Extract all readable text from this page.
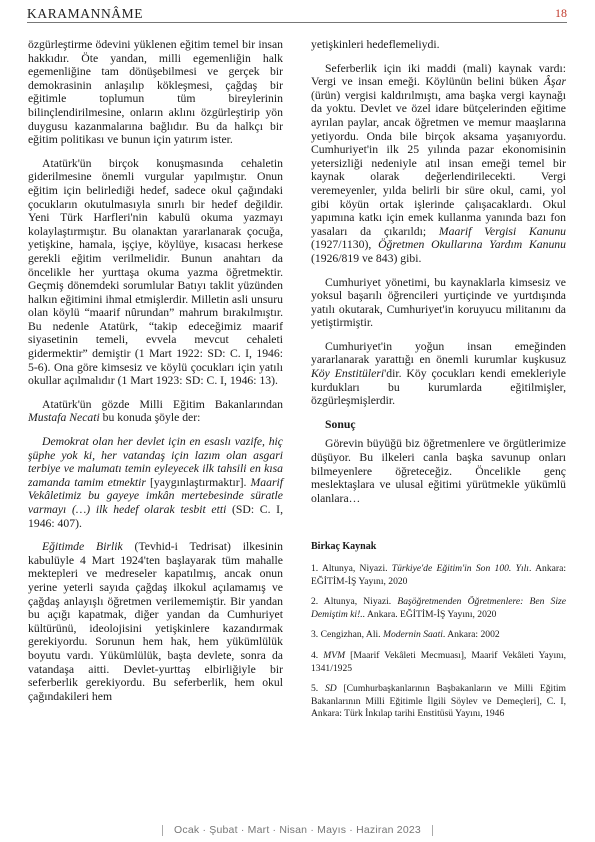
KARAMANNÂME	18

özgürleştirme ödevini yüklenen eğitim temel bir insan hakkıdır. Öte yandan, milli egemenliğin halk egemenliğine tam dönüşebilmesi ve gerçek bir demokrasinin anlaşılıp kökleşmesi, çağdaş bir eğitimle toplumun tüm bireylerinin bilinçlendirilmesine, onların aklını özgürleştirip yön duygusu kazanmalarına bağlıdır. Bu da halkçı bir eğitim politikası ve bunun için yatırım ister.

Atatürk'ün birçok konuşmasında cehaletin giderilmesine önemli vurgular yapılmıştır. Onun eğitim için belirlediği hedef, sadece okul çağındaki çocukların okutulmasıyla sınırlı bir hedef değildir. Yeni Türk Harfleri'nin kabulü okuma yazmayı kolaylaştırmıştır. Bu olanaktan yararlanarak çocuğa, yetişkine, hamala, işçiye, köylüye, kısacası herkese gerekli eğitim verilmelidir. Bunun anahtarı da öncelikle her yurttaşa okuma yazma öğretmektir. Geçmiş dönemdeki sorumlular Batıyı taklit yüzünden halkın eğitimini ihmal etmişlerdir. Milletin asli unsuru olan köylü “maarif nûrundan” mahrum bırakılmıştır. Bu nedenle Atatürk, “takip edeceğimiz maarif siyasetinin temeli, evvela mevcut cehaleti gidermektir” demiştir (1 Mart 1922: SD: C. I, 1946: 5-6). Ona göre kimsesiz ve köylü çocukları için yatılı okullar açılmalıdır (1 Mart 1923: SD: C. I, 1946: 13).

Atatürk'ün gözde Milli Eğitim Bakanlarından Mustafa Necati bu konuda şöyle der:

Demokrat olan her devlet için en esaslı vazife, hiç şüphe yok ki, her vatandaş için lazım olan asgari terbiye ve malumatı temin eyleyecek ilk tahsili en kısa zamanda tamim etmektir [yaygınlaştırmaktır]. Maarif Vekâletimiz bu gayeye imkân mertebesinde süratle varmayı (…) ilk hedef olarak tesbit etti (SD: C. I, 1946: 407).

Eğitimde Birlik (Tevhid-i Tedrisat) ilkesinin kabulüyle 4 Mart 1924'ten başlayarak tüm mahalle mektepleri ve medreseler kapatılmış, ancak onun yerine yeterli sayıda çağdaş ilkokul açılamamış ve çağdaş anlayışlı öğretmen verilememiştir. Bir yandan bu açığı kapatmak, diğer yandan da Cumhuriyet kültürünü, ideolojisini yetişkinlere kazandırmak gerekiyordu. Sorunun hem hak, hem yükümlülük boyutu vardı. Yükümlülük, başta devlete, sonra da vatandaşa aitti. Devlet-yurttaş elbirliğiyle bir seferberlik gerekiyordu. Bu seferberlik, hem okul çağındakileri hem

yetişkinleri hedeflemeliydi.

Seferberlik için iki maddi (mali) kaynak vardı: Vergi ve insan emeği. Köylünün belini büken Âşar (ürün) vergisi kaldırılmıştı, ama başka vergi kaynağı da yoktu. Devlet ve özel idare bütçelerinden eğitime ayrılan paylar, ancak öğretmen ve memur maaşlarına yetiyordu. Onda bile birçok aksama yaşanıyordu. Cumhuriyet'in ilk 25 yılında pazar ekonomisinin yetersizliği nedeniyle atıl insan emeği temel bir kaynak olarak değerlendirilecekti. Vergi veremeyenler, yılda belirli bir süre okul, cami, yol gibi köyün ortak işlerinde çalışacaklardı. Okul yapımına katkı için emek kullanma yanında bazı fon yasaları da çıkarıldı; Maarif Vergisi Kanunu (1927/1130), Öğretmen Okullarına Yardım Kanunu (1926/819 ve 843) gibi.

Cumhuriyet yönetimi, bu kaynaklarla kimsesiz ve yoksul başarılı öğrencileri yurtiçinde ve yurtdışında yatılı okutarak, Cumhuriyet'in koruyucu militanını da yetiştirmiştir.

Cumhuriyet'in yoğun insan emeğinden yararlanarak yarattığı en önemli kurumlar kuşkusuz Köy Enstitüleri'dir. Köy çocukları kendi emekleriyle kurdukları bu kurumlarda eğitilmişler, özgürleşmişlerdir.

Sonuç

Görevin büyüğü biz öğretmenlere ve örgütlerimize düşüyor. Bu ilkeleri canla başka savunup onları bilmeyenlere öğreteceğiz. Öncelikle genç meslektaşlara ve ulusal eğitimi yürütmekle yükümlü olanlara…

Birkaç Kaynak
1. Altunya, Niyazi. Türkiye'de Eğitim'in Son 100. Yılı. Ankara: EĞİTİM-İŞ Yayını, 2020
2. Altunya, Niyazi. Başöğretmenden Öğretmenlere: Ben Size Demiştim ki!.. Ankara. EĞİTİM-İŞ Yayını, 2020
3. Cengizhan, Ali. Modernin Saati. Ankara: 2002
4. MVM [Maarif Vekâleti Mecmuası], Maarif Vekâleti Yayını, 1341/1925
5. SD [Cumhurbaşkanlarının Başbakanların ve Milli Eğitim Bakanlarının Milli Eğitimle İlgili Söylev ve Demeçleri], C. I, Ankara: Türk İnkılap tarihi Enstitüsü Yayını, 1946
Ocak · Şubat · Mart · Nisan · Mayıs · Haziran 2023
